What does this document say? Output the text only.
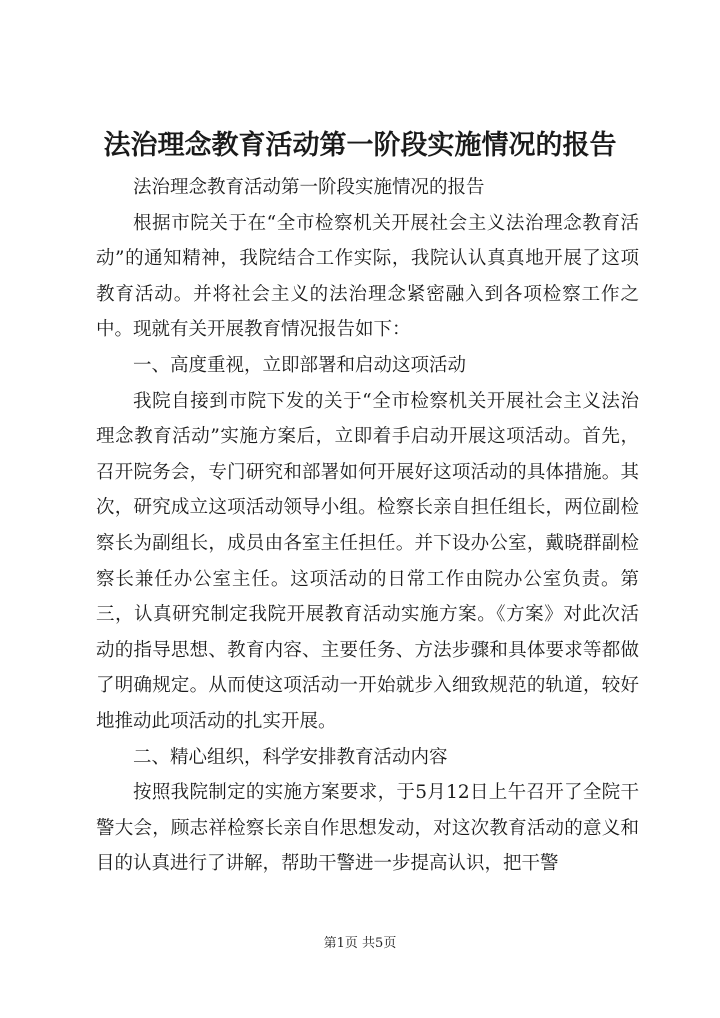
法治理念教育活动第一阶段实施情况的报告

法治理念教育活动第一阶段实施情况的报告

根据市院关于在“全市检察机关开展社会主义法治理念教育活动”的通知精神，我院结合工作实际，我院认认真真地开展了这项教育活动。并将社会主义的法治理念紧密融入到各项检察工作之中。现就有关开展教育情况报告如下：

一、高度重视，立即部署和启动这项活动

我院自接到市院下发的关于“全市检察机关开展社会主义法治理念教育活动”实施方案后，立即着手启动开展这项活动。首先，召开院务会，专门研究和部署如何开展好这项活动的具体措施。其次，研究成立这项活动领导小组。检察长亲自担任组长，两位副检察长为副组长，成员由各室主任担任。并下设办公室，戴晓群副检察长兼任办公室主任。这项活动的日常工作由院办公室负责。第三，认真研究制定我院开展教育活动实施方案。《方案》对此次活动的指导思想、教育内容、主要任务、方法步骤和具体要求等都做了明确规定。从而使这项活动一开始就步入细致规范的轨道，较好地推动此项活动的扎实开展。

二、精心组织，科学安排教育活动内容

按照我院制定的实施方案要求，于5月12日上午召开了全院干警大会，顾志祥检察长亲自作思想发动，对这次教育活动的意义和目的认真进行了讲解，帮助干警进一步提高认识，把干警

第1页 共5页
